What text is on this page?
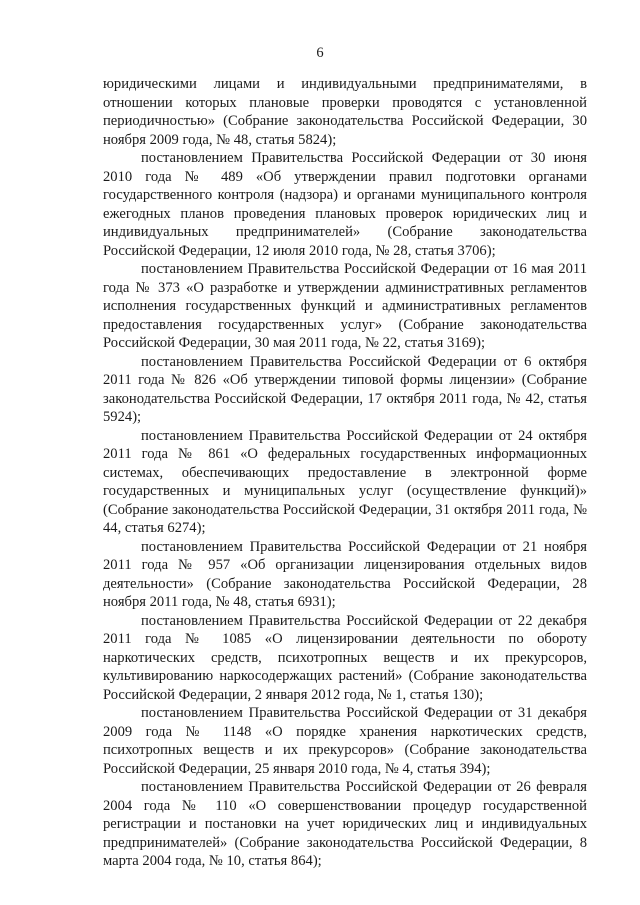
6

юридическими лицами и индивидуальными предпринимателями, в отношении которых плановые проверки проводятся с установленной периодичностью» (Собрание законодательства Российской Федерации, 30 ноября 2009 года, № 48, статья 5824);

постановлением Правительства Российской Федерации от 30 июня 2010 года № 489 «Об утверждении правил подготовки органами государственного контроля (надзора) и органами муниципального контроля ежегодных планов проведения плановых проверок юридических лиц и индивидуальных предпринимателей» (Собрание законодательства Российской Федерации, 12 июля 2010 года, № 28, статья 3706);

постановлением Правительства Российской Федерации от 16 мая 2011 года № 373 «О разработке и утверждении административных регламентов исполнения государственных функций и административных регламентов предоставления государственных услуг» (Собрание законодательства Российской Федерации, 30 мая 2011 года, № 22, статья 3169);

постановлением Правительства Российской Федерации от 6 октября 2011 года № 826 «Об утверждении типовой формы лицензии» (Собрание законодательства Российской Федерации, 17 октября 2011 года, № 42, статья 5924);

постановлением Правительства Российской Федерации от 24 октября 2011 года № 861 «О федеральных государственных информационных системах, обеспечивающих предоставление в электронной форме государственных и муниципальных услуг (осуществление функций)» (Собрание законодательства Российской Федерации, 31 октября 2011 года, № 44, статья 6274);

постановлением Правительства Российской Федерации от 21 ноября 2011 года № 957 «Об организации лицензирования отдельных видов деятельности» (Собрание законодательства Российской Федерации, 28 ноября 2011 года, № 48, статья 6931);

постановлением Правительства Российской Федерации от 22 декабря 2011 года № 1085 «О лицензировании деятельности по обороту наркотических средств, психотропных веществ и их прекурсоров, культивированию наркосодержащих растений» (Собрание законодательства Российской Федерации, 2 января 2012 года, № 1, статья 130);

постановлением Правительства Российской Федерации от 31 декабря 2009 года № 1148 «О порядке хранения наркотических средств, психотропных веществ и их прекурсоров» (Собрание законодательства Российской Федерации, 25 января 2010 года, № 4, статья 394);

постановлением Правительства Российской Федерации от 26 февраля 2004 года № 110 «О совершенствовании процедур государственной регистрации и постановки на учет юридических лиц и индивидуальных предпринимателей» (Собрание законодательства Российской Федерации, 8 марта 2004 года, № 10, статья 864);
